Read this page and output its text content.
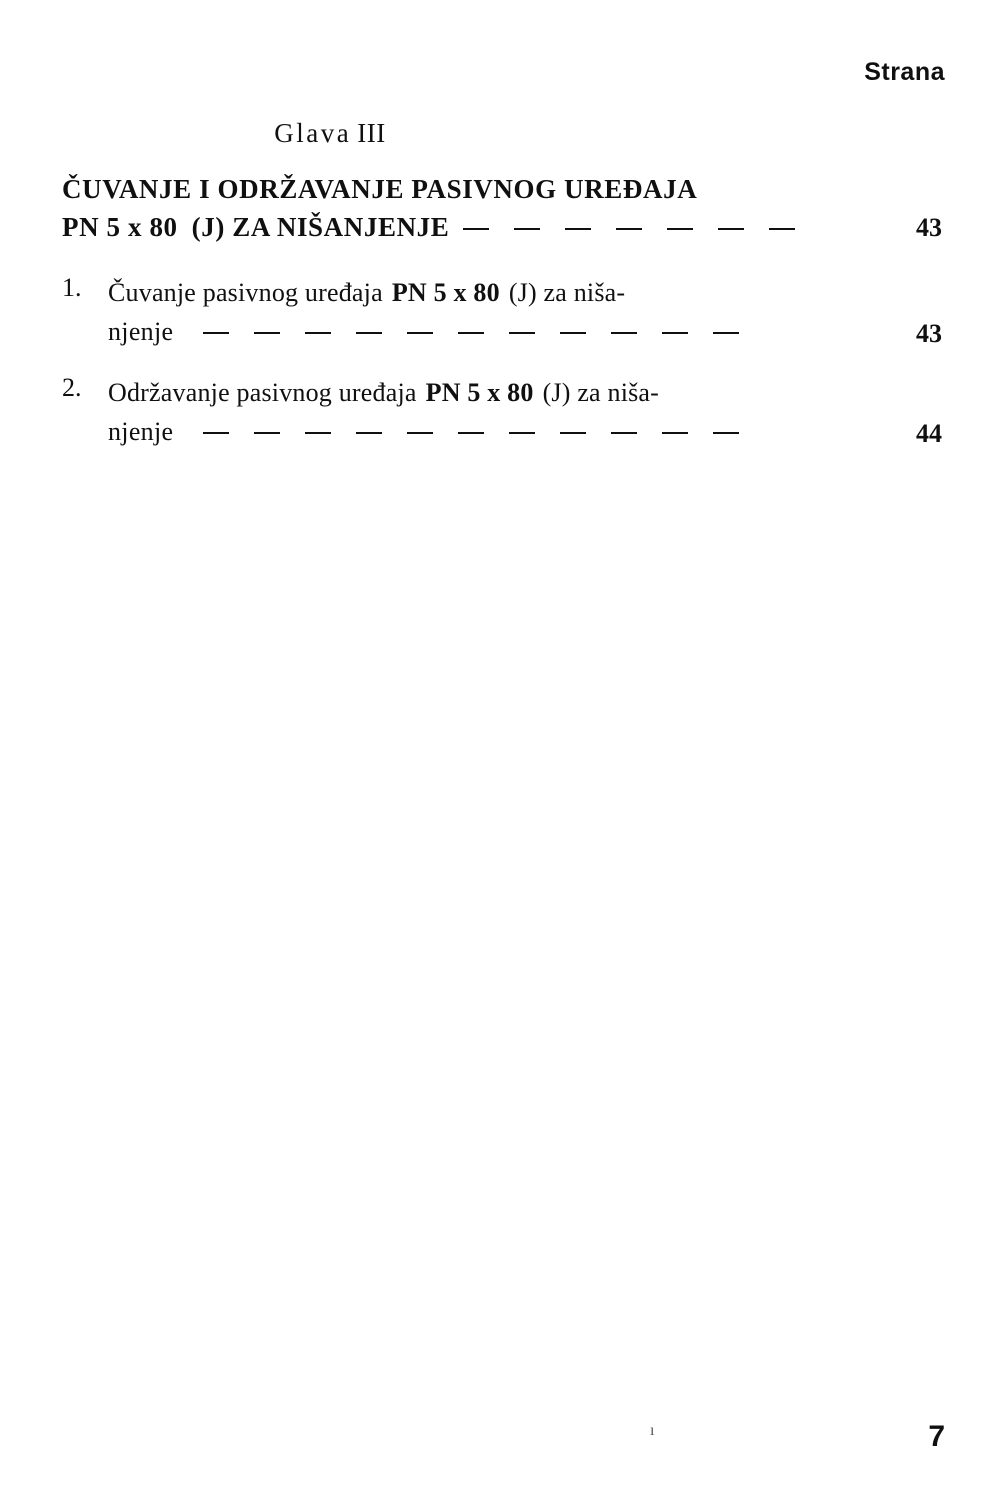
Strana
Glava III
ČUVANJE I ODRŽAVANJE PASIVNOG UREĐAJA
PN 5 x 80 (J) ZA NIŠANJENJE	43
1. Čuvanje pasivnog uređaja PN 5 x 80 (J) za niša-
njenje	43
2. Održavanje pasivnog uređaja PN 5 x 80 (J) za niša-
njenje	44
ı	7
